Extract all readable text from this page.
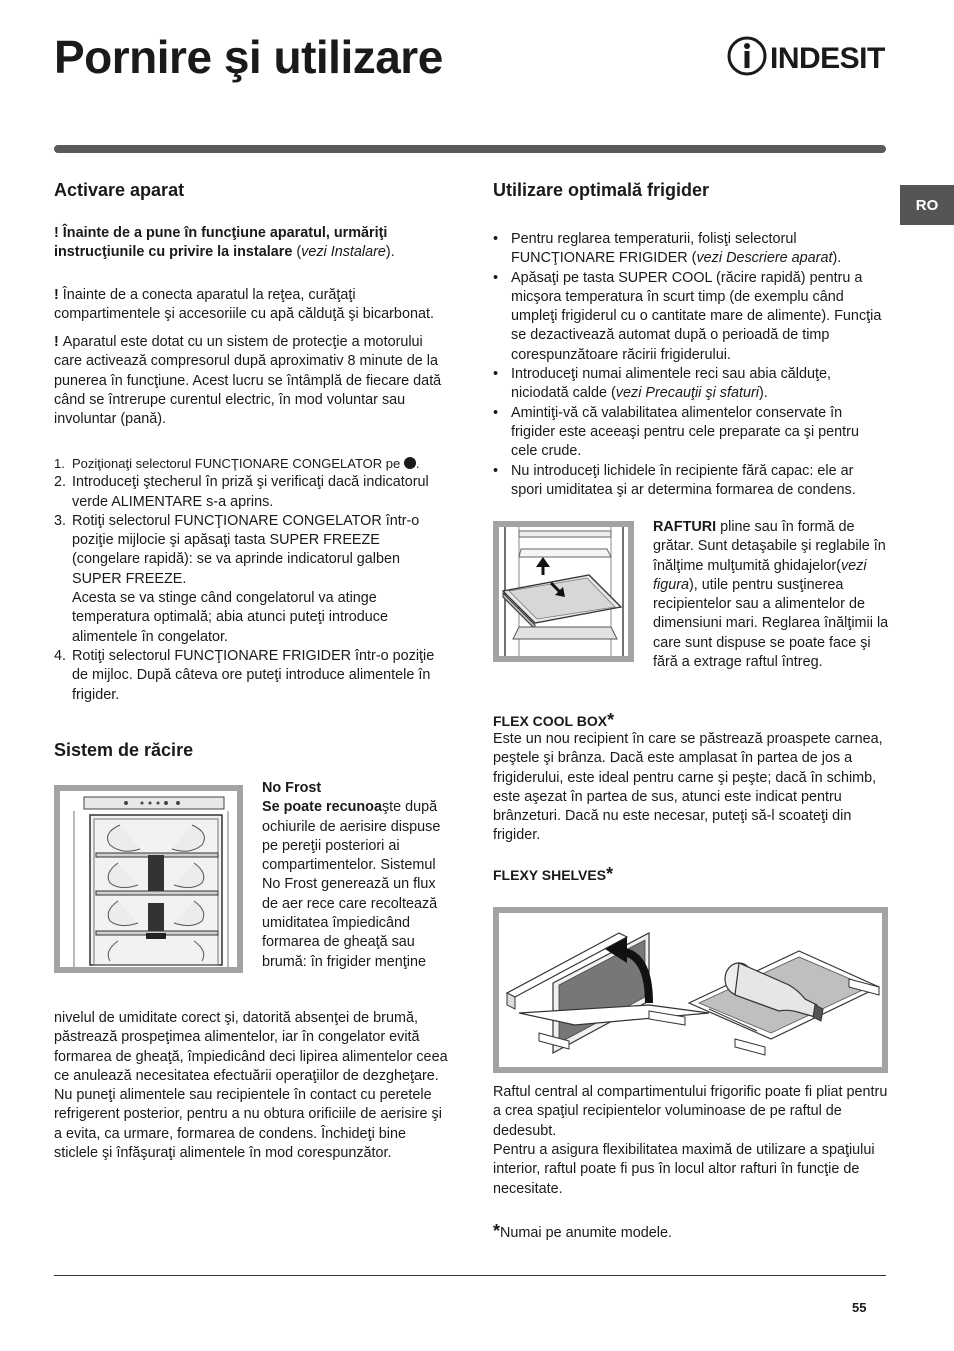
Pornire şi utilizare	INDESIT
RO
Activare aparat

! Înainte de a pune în funcţiune aparatul, urmăriţi instrucţiunile cu privire la instalare (vezi Instalare).

! Înainte de a conecta aparatul la reţea, curăţaţi compartimentele şi accesoriile cu apă călduţă şi bicarbonat.

! Aparatul este dotat cu un sistem de protecţie a motorului care activează compresorul după aproximativ 8 minute de la punerea în funcţiune. Acest lucru se întâmplă de fiecare dată când se întrerupe curentul electric, în mod voluntar sau involuntar (pană).

1. Poziţionaţi selectorul FUNCŢIONARE CONGELATOR pe .
2. Introduceţi ştecherul în priză şi verificaţi dacă indicatorul verde ALIMENTARE s-a aprins.
3. Rotiţi selectorul FUNCŢIONARE CONGELATOR într-o poziţie mijlocie şi apăsaţi tasta SUPER FREEZE (congelare rapidă): se va aprinde indicatorul galben SUPER FREEZE.
Acesta se va stinge când congelatorul va atinge temperatura optimală; abia atunci puteţi introduce alimentele în congelator.
4. Rotiţi selectorul FUNCŢIONARE FRIGIDER într-o poziţie de mijloc. După câteva ore puteţi introduce alimentele în frigider.
Sistem de răcire
No Frost
Se poate recunoaşte după ochiurile de aerisire dispuse pe pereţii posteriori ai compartimentelor. Sistemul No Frost generează un flux de aer rece care recoltează umiditatea împiedicând formarea de gheaţă sau brumă: în frigider menţine

nivelul de umiditate corect şi, datorită absenţei de brumă, păstrează prospeţimea alimentelor, iar în congelator evită formarea de gheaţă, împiedicând deci lipirea alimentelor ceea ce anulează necesitatea efectuării operaţiilor de dezgheţare. Nu puneţi alimentele sau recipientele în contact cu peretele refrigerent posterior, pentru a nu obtura orificiile de aerisire şi a evita, ca urmare, formarea de condens. Închideţi bine sticlele şi înfăşuraţi alimentele în mod corespunzător.

Utilizare optimală frigider
• Pentru reglarea temperaturii, folisţi selectorul FUNCŢIONARE FRIGIDER (vezi Descriere aparat).
• Apăsaţi pe tasta SUPER COOL (răcire rapidă) pentru a micşora temperatura în scurt timp (de exemplu când umpleţi frigiderul cu o cantitate mare de alimente). Funcţia se dezactivează automat după o perioadă de timp corespunzătoare răcirii frigiderului.
• Introduceţi numai alimentele reci sau abia călduţe, niciodată calde (vezi Precauţii şi sfaturi).
• Amintiţi-vă că valabilitatea alimentelor conservate în frigider este aceeaşi pentru cele preparate ca şi pentru cele crude.
• Nu introduceţi lichidele în recipiente fără capac: ele ar spori umiditatea şi ar determina formarea de condens.

RAFTURI pline sau în formă de grătar. Sunt detaşabile şi reglabile în înălţime mulţumită ghidajelor(vezi figura), utile pentru susţinerea recipientelor sau a alimentelor de dimensiuni mari. Reglarea înălţimii la care sunt dispuse se poate face şi fără a extrage raftul întreg.

FLEX COOL BOX*

Este un nou recipient în care se păstrează proaspete carnea, peştele şi brânza. Dacă este amplasat în partea de jos a frigiderului, este ideal pentru carne şi peşte; dacă în schimb, este aşezat în partea de sus, atunci este indicat pentru brânzeturi. Dacă nu este necesar, puteţi să-l scoateţi din frigider.

FLEXY SHELVES*

Raftul central al compartimentului frigorific poate fi pliat pentru a crea spaţiul recipientelor voluminoase de pe raftul de dedesubt.

Pentru a asigura flexibilitatea maximă de utilizare a spaţiului interior, raftul poate fi pus în locul altor rafturi în funcţie de necesitate.

*Numai pe anumite modele.

55
